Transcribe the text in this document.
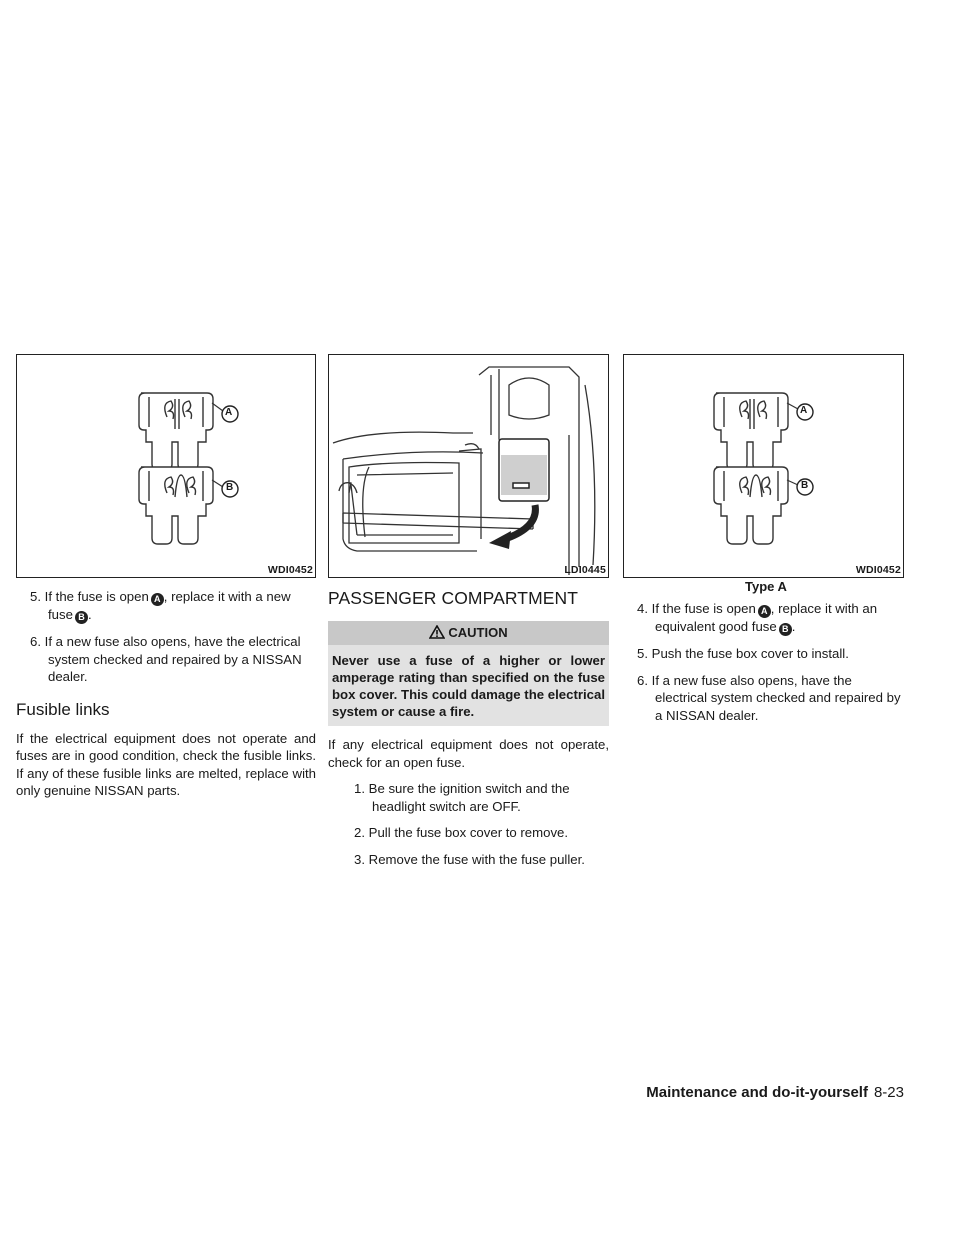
A
B
WDI0452

5. If the fuse is open A , replace it with a new fuse B .

6. If a new fuse also opens, have the electrical system checked and repaired by a NISSAN dealer.

Fusible links

If the electrical equipment does not operate and fuses are in good condition, check the fusible links. If any of these fusible links are melted, replace with only genuine NISSAN parts.

LDI0445
PASSENGER COMPARTMENT
CAUTION
Never use a fuse of a higher or lower amperage rating than specified on the fuse box cover. This could damage the electrical system or cause a fire.

If any electrical equipment does not operate, check for an open fuse.

1. Be sure the ignition switch and the headlight switch are OFF.

2. Pull the fuse box cover to remove.

3. Remove the fuse with the fuse puller.

A
B
WDI0452
Type A

4. If the fuse is open A , replace it with an equivalent good fuse B .

5. Push the fuse box cover to install.

6. If a new fuse also opens, have the electrical system checked and repaired by a NISSAN dealer.

Maintenance and do-it-yourself 8-23
